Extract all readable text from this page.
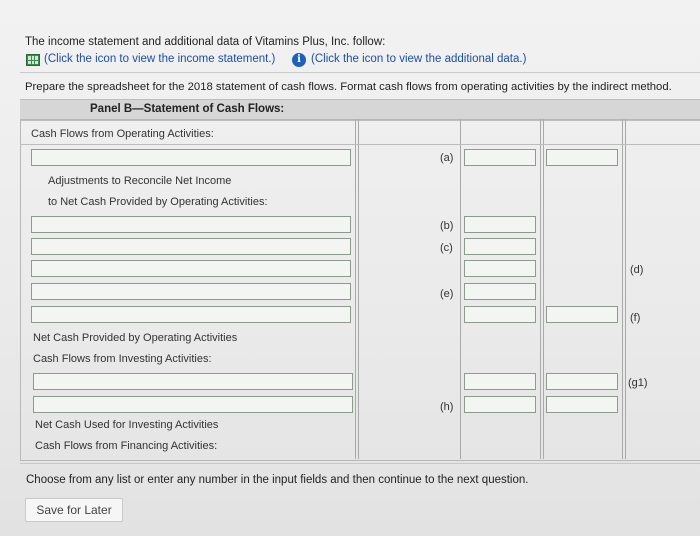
The income statement and additional data of Vitamins Plus, Inc. follow:
(Click the icon to view the income statement.)	i (Click the icon to view the additional data.)
Prepare the spreadsheet for the 2018 statement of cash flows. Format cash flows from operating activities by the indirect method.
Panel B—Statement of Cash Flows:
Cash Flows from Operating Activities:
(a)
Adjustments to Reconcile Net Income
to Net Cash Provided by Operating Activities:
(b)
(c)
(d)
(e)
(f)
Net Cash Provided by Operating Activities
Cash Flows from Investing Activities:
(g1)
(h)
Net Cash Used for Investing Activities
Cash Flows from Financing Activities:
Choose from any list or enter any number in the input fields and then continue to the next question.
Save for Later
